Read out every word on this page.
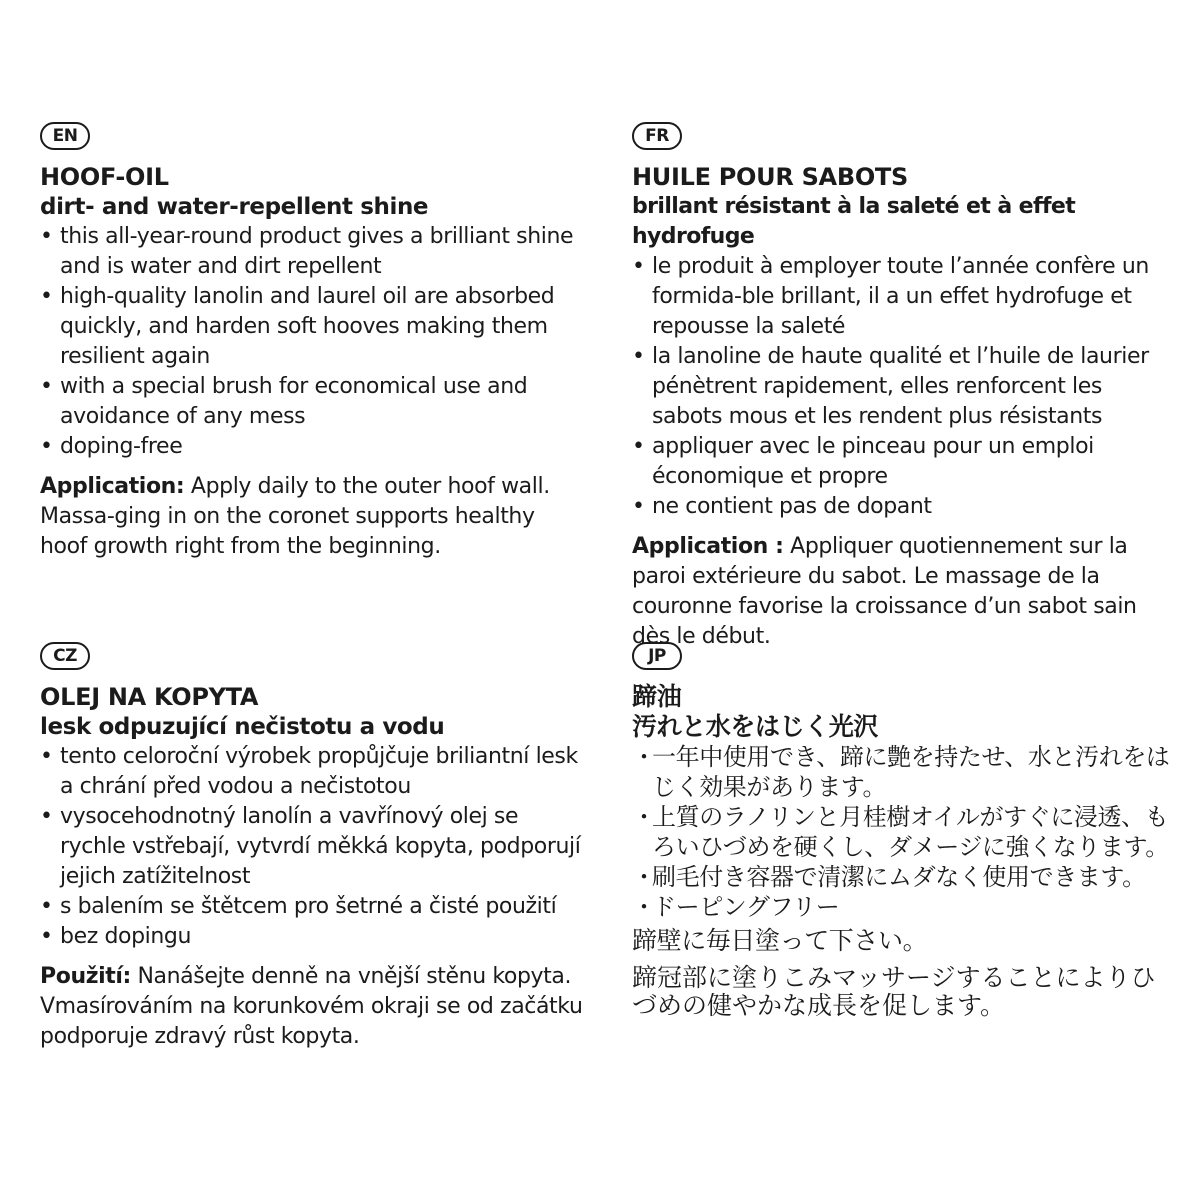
EN
HOOF-OIL
dirt- and water-repellent shine
• this all-year-round product gives a brilliant shine and is water and dirt repellent
• high-quality lanolin and laurel oil are absorbed quickly, and harden soft hooves making them resilient again
• with a special brush for economical use and avoidance of any mess
• doping-free
Application: Apply daily to the outer hoof wall. Massa-ging in on the coronet supports healthy hoof growth right from the beginning.
FR
HUILE POUR SABOTS
brillant résistant à la saleté et à effet hydrofuge
• le produit à employer toute l’année confère un formida-ble brillant, il a un effet hydrofuge et repousse la saleté
• la lanoline de haute qualité et l’huile de laurier pénètrent rapidement, elles renforcent les sabots mous et les rendent plus résistants
• appliquer avec le pinceau pour un emploi économique et propre
• ne contient pas de dopant
Application : Appliquer quotiennement sur la paroi extérieure du sabot. Le massage de la couronne favorise la croissance d’un sabot sain dès le début.
CZ
OLEJ NA KOPYTA
lesk odpuzující nečistotu a vodu
• tento celoroční výrobek propůjčuje briliantní lesk a chrání před vodou a nečistotou
• vysocehodnotný lanolín a vavřínový olej se rychle vstřebají, vytvrdí měkká kopyta, podporují jejich zatížitelnost
• s balením se štětcem pro šetrné a čisté použití
• bez dopingu
Použití: Nanášejte denně na vnější stěnu kopyta. Vmasírováním na korunkovém okraji se od začátku podporuje zdravý růst kopyta.
JP
蹄油
汚れと水をはじく光沢
・
一年中使用でき、蹄に艶を持たせ、水と汚れをはじく効果があります。
・
上質のラノリンと月桂樹オイルがすぐに浸透、もろいひづめを硬くし、ダメージに強くなります。
・
刷毛付き容器で清潔にムダなく使用できます。
・
ドーピングフリー
蹄壁に毎日塗って下さい。
蹄冠部に塗りこみマッサージすることによりひづめの健やかな成長を促します。
